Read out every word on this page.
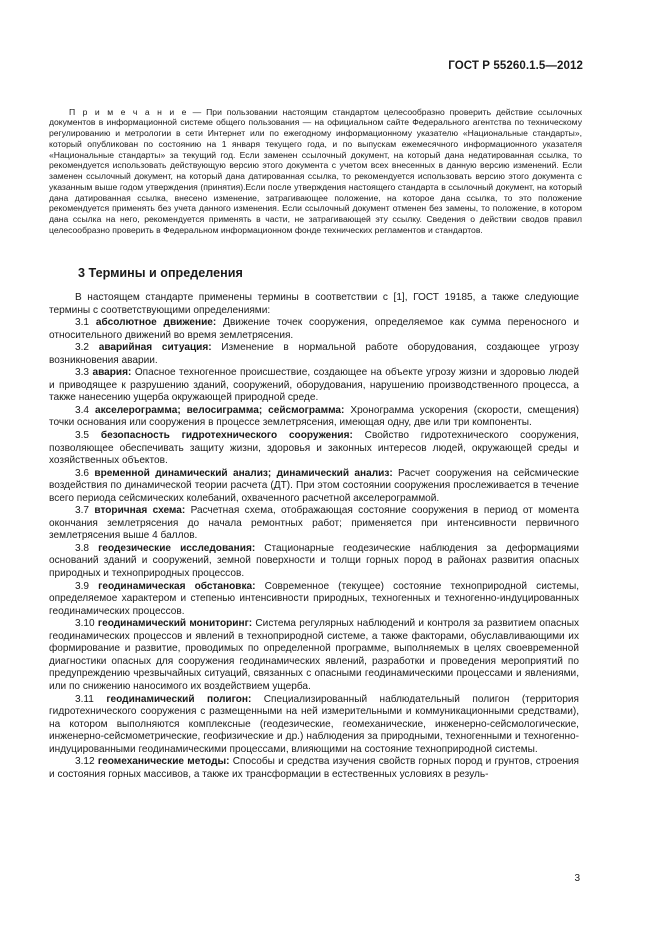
ГОСТ Р 55260.1.5—2012

П р и м е ч а н и е — При пользовании настоящим стандартом целесообразно проверить действие ссылочных документов в информационной системе общего пользования — на официальном сайте Федерального агентства по техническому регулированию и метрологии в сети Интернет или по ежегодному информационному указателю «Национальные стандарты», который опубликован по состоянию на 1 января текущего года, и по выпускам ежемесячного информационного указателя «Национальные стандарты» за текущий год. Если заменен ссылочный документ, на который дана недатированная ссылка, то рекомендуется использовать действующую версию этого документа с учетом всех внесенных в данную версию изменений. Если заменен ссылочный документ, на который дана датированная ссылка, то рекомендуется использовать версию этого документа с указанным выше годом утверждения (принятия).Если после утверждения настоящего стандарта в ссылочный документ, на который дана датированная ссылка, внесено изменение, затрагивающее положение, на которое дана ссылка, то это положение рекомендуется применять без учета данного изменения. Если ссылочный документ отменен без замены, то положение, в котором дана ссылка на него, рекомендуется применять в части, не затрагивающей эту ссылку. Сведения о действии сводов правил целесообразно проверить в Федеральном информационном фонде технических регламентов и стандартов.

3 Термины и определения

В настоящем стандарте применены термины в соответствии с [1], ГОСТ 19185, а также следующие термины с соответствующими определениями:

3.1 абсолютное движение: Движение точек сооружения, определяемое как сумма переносного и относительного движений во время землетрясения.

3.2 аварийная ситуация: Изменение в нормальной работе оборудования, создающее угрозу возникновения аварии.

3.3 авария: Опасное техногенное происшествие, создающее на объекте угрозу жизни и здоровью людей и приводящее к разрушению зданий, сооружений, оборудования, нарушению производственного процесса, а также нанесению ущерба окружающей природной среде.

3.4 акселерограмма; велосиграмма; сейсмограмма: Хронограмма ускорения (скорости, смещения) точки основания или сооружения в процессе землетрясения, имеющая одну, две или три компоненты.

3.5 безопасность гидротехнического сооружения: Свойство гидротехнического сооружения, позволяющее обеспечивать защиту жизни, здоровья и законных интересов людей, окружающей среды и хозяйственных объектов.

3.6 временной динамический анализ; динамический анализ: Расчет сооружения на сейсмические воздействия по динамической теории расчета (ДТ). При этом состоянии сооружения прослеживается в течение всего периода сейсмических колебаний, охваченного расчетной акселерограммой.

3.7 вторичная схема: Расчетная схема, отображающая состояние сооружения в период от момента окончания землетрясения до начала ремонтных работ; применяется при интенсивности первичного землетрясения выше 4 баллов.

3.8 геодезические исследования: Стационарные геодезические наблюдения за деформациями оснований зданий и сооружений, земной поверхности и толщи горных пород в районах развития опасных природных и технoприродных процессов.

3.9 геодинамическая обстановка: Современное (текущее) состояние технoприродной системы, определяемое характером и степенью интенсивности природных, техногенных и техногенно-индуцированных геодинамических процессов.

3.10 геодинамический мониторинг: Система регулярных наблюдений и контроля за развитием опасных геодинамических процессов и явлений в технoприродной системе, а также факторами, обуславливающими их формирование и развитие, проводимых по определенной программе, выполняемых в целях своевременной диагностики опасных для сооружения геодинамических явлений, разработки и проведения мероприятий по предупреждению чрезвычайных ситуаций, связанных с опасными геодинамическими процессами и явлениями, или по снижению наносимого их воздействием ущерба.

3.11 геодинамический полигон: Специализированный наблюдательный полигон (территория гидротехнического сооружения с размещенными на ней измерительными и коммуникационными средствами), на котором выполняются комплексные (геодезические, геомеханические, инженерно-сейсмологические, инженерно-сейсмометрические, геофизические и др.) наблюдения за природными, техногенными и техногенно-индуцированными геодинамическими процессами, влияющими на состояние технoприродной системы.

3.12 геомеханические методы: Способы и средства изучения свойств горных пород и грунтов, строения и состояния горных массивов, а также их трансформации в естественных условиях в резуль-

3
